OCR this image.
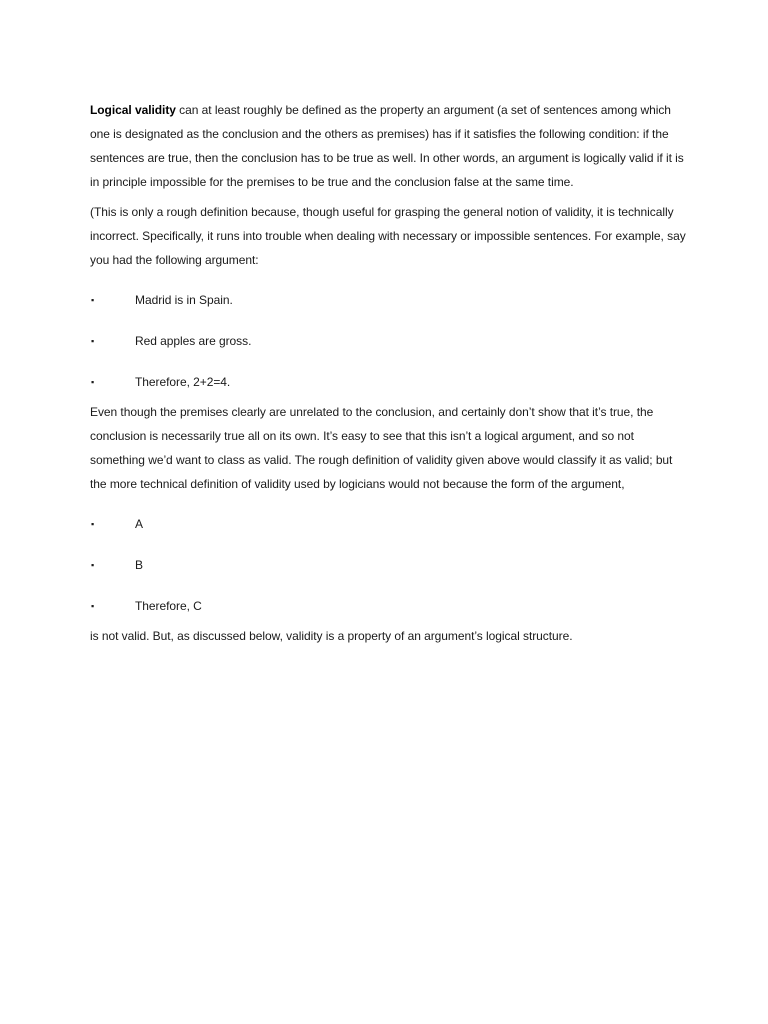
Logical validity can at least roughly be defined as the property an argument (a set of sentences among which one is designated as the conclusion and the others as premises) has if it satisfies the following condition: if the sentences are true, then the conclusion has to be true as well. In other words, an argument is logically valid if it is in principle impossible for the premises to be true and the conclusion false at the same time.

(This is only a rough definition because, though useful for grasping the general notion of validity, it is technically incorrect. Specifically, it runs into trouble when dealing with necessary or impossible sentences. For example, say you had the following argument:

▪	Madrid is in Spain.
▪	Red apples are gross.
▪	Therefore, 2+2=4.

Even though the premises clearly are unrelated to the conclusion, and certainly don’t show that it’s true, the conclusion is necessarily true all on its own. It’s easy to see that this isn’t a logical argument, and so not something we’d want to class as valid. The rough definition of validity given above would classify it as valid; but the more technical definition of validity used by logicians would not because the form of the argument,

▪	A
▪	B
▪	Therefore, C

is not valid. But, as discussed below, validity is a property of an argument’s logical structure.
